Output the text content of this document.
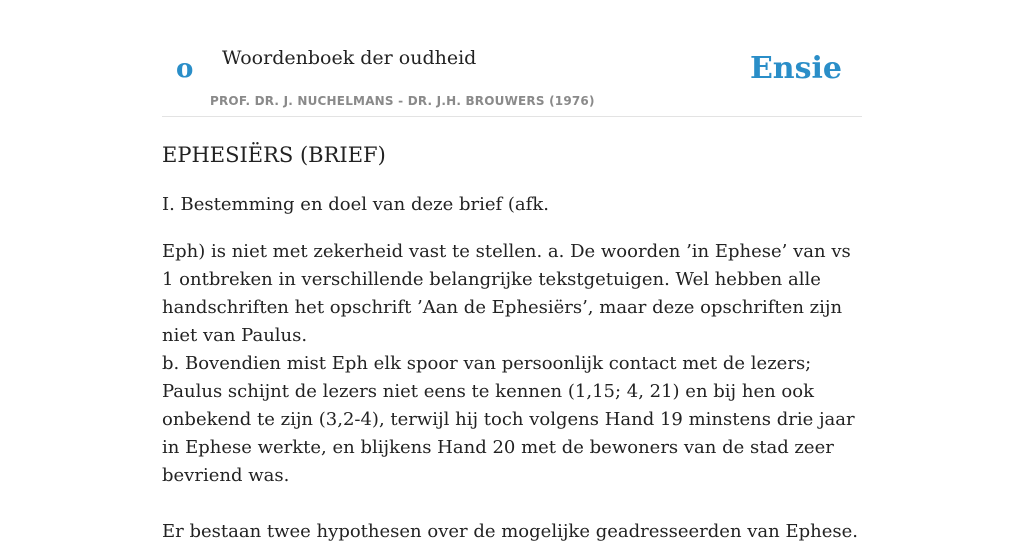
o Woordenboek der oudheid
PROF. DR. J. NUCHELMANS - DR. J.H. BROUWERS (1976)
Ensie
EPHESIËRS (BRIEF)

I. Bestemming en doel van deze brief (afk.

Eph) is niet met zekerheid vast te stellen. a. De woorden ’in Ephese’ van vs 1 ontbreken in verschillende belangrijke tekstgetuigen. Wel hebben alle handschriften het opschrift ’Aan de Ephesiërs’, maar deze opschriften zijn niet van Paulus.

b. Bovendien mist Eph elk spoor van persoonlijk contact met de lezers; Paulus schijnt de lezers niet eens te kennen (1,15; 4, 21) en bij hen ook onbekend te zijn (3,2-4), terwijl hij toch volgens Hand 19 minstens drie jaar in Ephese werkte, en blijkens Hand 20 met de bewoners van de stad zeer bevriend was.

Er bestaan twee hypothesen over de mogelijke geadresseerden van Ephese.
